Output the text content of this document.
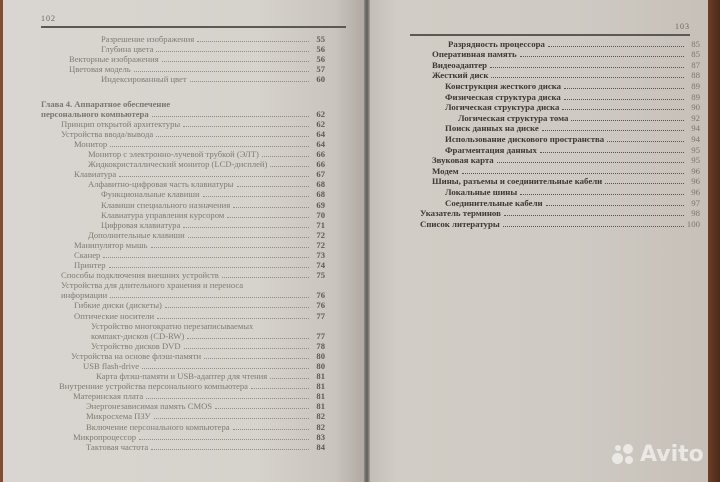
102
Разрешение изображения	55
Глубина цвета	56
Векторные изображения	56
Цветовая модель	57
Индексированный цвет	60
Глава 4. Аппаратное обеспечение
персонального компьютера	62
Принцип открытой архитектуры	62
Устройства ввода/вывода	64
Монитор	64
Монитор с электронно-лучевой трубкой (ЭЛТ)	66
Жидкокристаллический монитор (LCD-дисплей)	66
Клавиатура	67
Алфавитно-цифровая часть клавиатуры	68
Функциональные клавиши	68
Клавиши специального назначения	69
Клавиатура управления курсором	70
Цифровая клавиатура	71
Дополнительные клавиши	72
Манипулятор мышь	72
Сканер	73
Принтер	74
Способы подключения внешних устройств	75
Устройства для длительного хранения и переноса
информации	76
Гибкие диски (дискеты)	76
Оптические носители	77
Устройство многократно перезаписываемых
компакт-дисков (CD-RW)	77
Устройство дисков DVD	78
Устройства на основе флэш-памяти	80
USB flash-drive	80
Карта флэш-памяти и USB-адаптер для чтения	81
Внутренние устройства персонального компьютера	81
Материнская плата	81
Энергонезависимая память CMOS	81
Микросхема ПЗУ	82
Включение персонального компьютера	82
Микропроцессор	83
Тактовая частота	84
103
Разрядность процессора	85
Оперативная память	85
Видеоадаптер	87
Жесткий диск	88
Конструкция жесткого диска	89
Физическая структура диска	89
Логическая структура диска	90
Логическая структура тома	92
Поиск данных на диске	94
Использование дискового пространства	94
Фрагментация данных	95
Звуковая карта	95
Модем	96
Шины, разъемы и соединительные кабели	96
Локальные шины	96
Соединительные кабели	97
Указатель терминов	98
Список литературы	100
Avito
